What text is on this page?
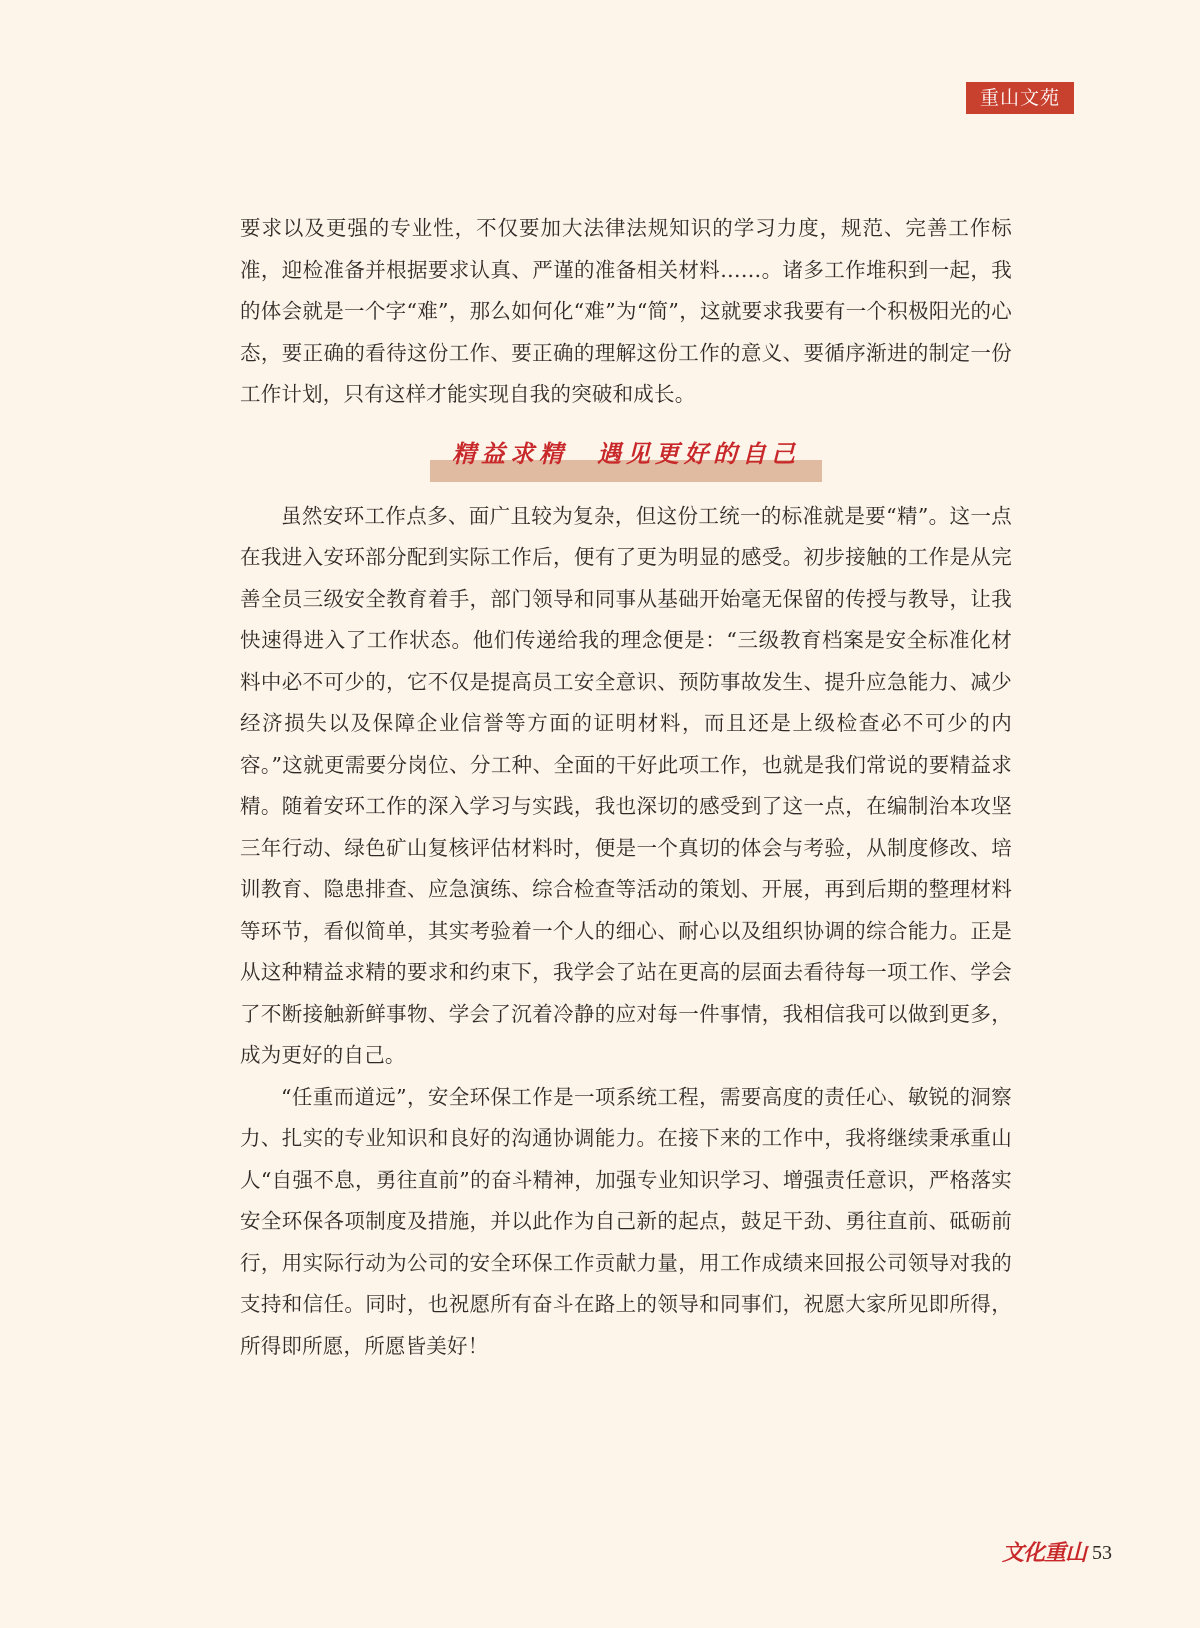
重山文苑

要求以及更强的专业性，不仅要加大法律法规知识的学习力度，规范、完善工作标准，迎检准备并根据要求认真、严谨的准备相关材料……。诸多工作堆积到一起，我的体会就是一个字“难”，那么如何化“难”为“简”，这就要求我要有一个积极阳光的心态，要正确的看待这份工作、要正确的理解这份工作的意义、要循序渐进的制定一份工作计划，只有这样才能实现自我的突破和成长。

精益求精　遇见更好的自己

虽然安环工作点多、面广且较为复杂，但这份工统一的标准就是要“精”。这一点在我进入安环部分配到实际工作后，便有了更为明显的感受。初步接触的工作是从完善全员三级安全教育着手，部门领导和同事从基础开始毫无保留的传授与教导，让我快速得进入了工作状态。他们传递给我的理念便是：“三级教育档案是安全标准化材料中必不可少的，它不仅是提高员工安全意识、预防事故发生、提升应急能力、减少经济损失以及保障企业信誉等方面的证明材料，而且还是上级检查必不可少的内容。”这就更需要分岗位、分工种、全面的干好此项工作，也就是我们常说的要精益求精。随着安环工作的深入学习与实践，我也深切的感受到了这一点，在编制治本攻坚三年行动、绿色矿山复核评估材料时，便是一个真切的体会与考验，从制度修改、培训教育、隐患排查、应急演练、综合检查等活动的策划、开展，再到后期的整理材料等环节，看似简单，其实考验着一个人的细心、耐心以及组织协调的综合能力。正是从这种精益求精的要求和约束下，我学会了站在更高的层面去看待每一项工作、学会了不断接触新鲜事物、学会了沉着冷静的应对每一件事情，我相信我可以做到更多，成为更好的自己。

“任重而道远”，安全环保工作是一项系统工程，需要高度的责任心、敏锐的洞察力、扎实的专业知识和良好的沟通协调能力。在接下来的工作中，我将继续秉承重山人“自强不息，勇往直前”的奋斗精神，加强专业知识学习、增强责任意识，严格落实安全环保各项制度及措施，并以此作为自己新的起点，鼓足干劲、勇往直前、砥砺前行，用实际行动为公司的安全环保工作贡献力量，用工作成绩来回报公司领导对我的支持和信任。同时，也祝愿所有奋斗在路上的领导和同事们，祝愿大家所见即所得，所得即所愿，所愿皆美好！

文化重山 53
